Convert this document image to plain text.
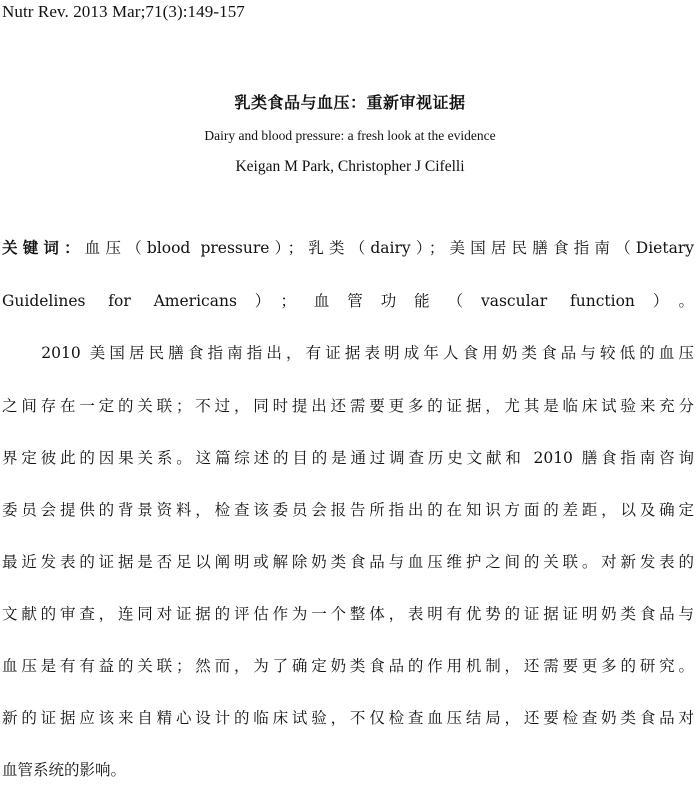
Nutr Rev. 2013 Mar;71(3):149-157
乳类食品与血压：重新审视证据
Dairy and blood pressure: a fresh look at the evidence
Keigan M Park, Christopher J Cifelli
关键词：血压（blood pressure）；乳类（dairy）；美国居民膳食指南（Dietary
Guidelines for Americans）；血管功能（vascular function）。
　　2010 美国居民膳食指南指出，有证据表明成年人食用奶类食品与较低的血压
之间存在一定的关联；不过，同时提出还需要更多的证据，尤其是临床试验来充分
界定彼此的因果关系。这篇综述的目的是通过调查历史文献和 2010 膳食指南咨询
委员会提供的背景资料，检查该委员会报告所指出的在知识方面的差距，以及确定
最近发表的证据是否足以阐明或解除奶类食品与血压维护之间的关联。对新发表的
文献的审查，连同对证据的评估作为一个整体，表明有优势的证据证明奶类食品与
血压是有有益的关联；然而，为了确定奶类食品的作用机制，还需要更多的研究。
新的证据应该来自精心设计的临床试验，不仅检查血压结局，还要检查奶类食品对
血管系统的影响。
